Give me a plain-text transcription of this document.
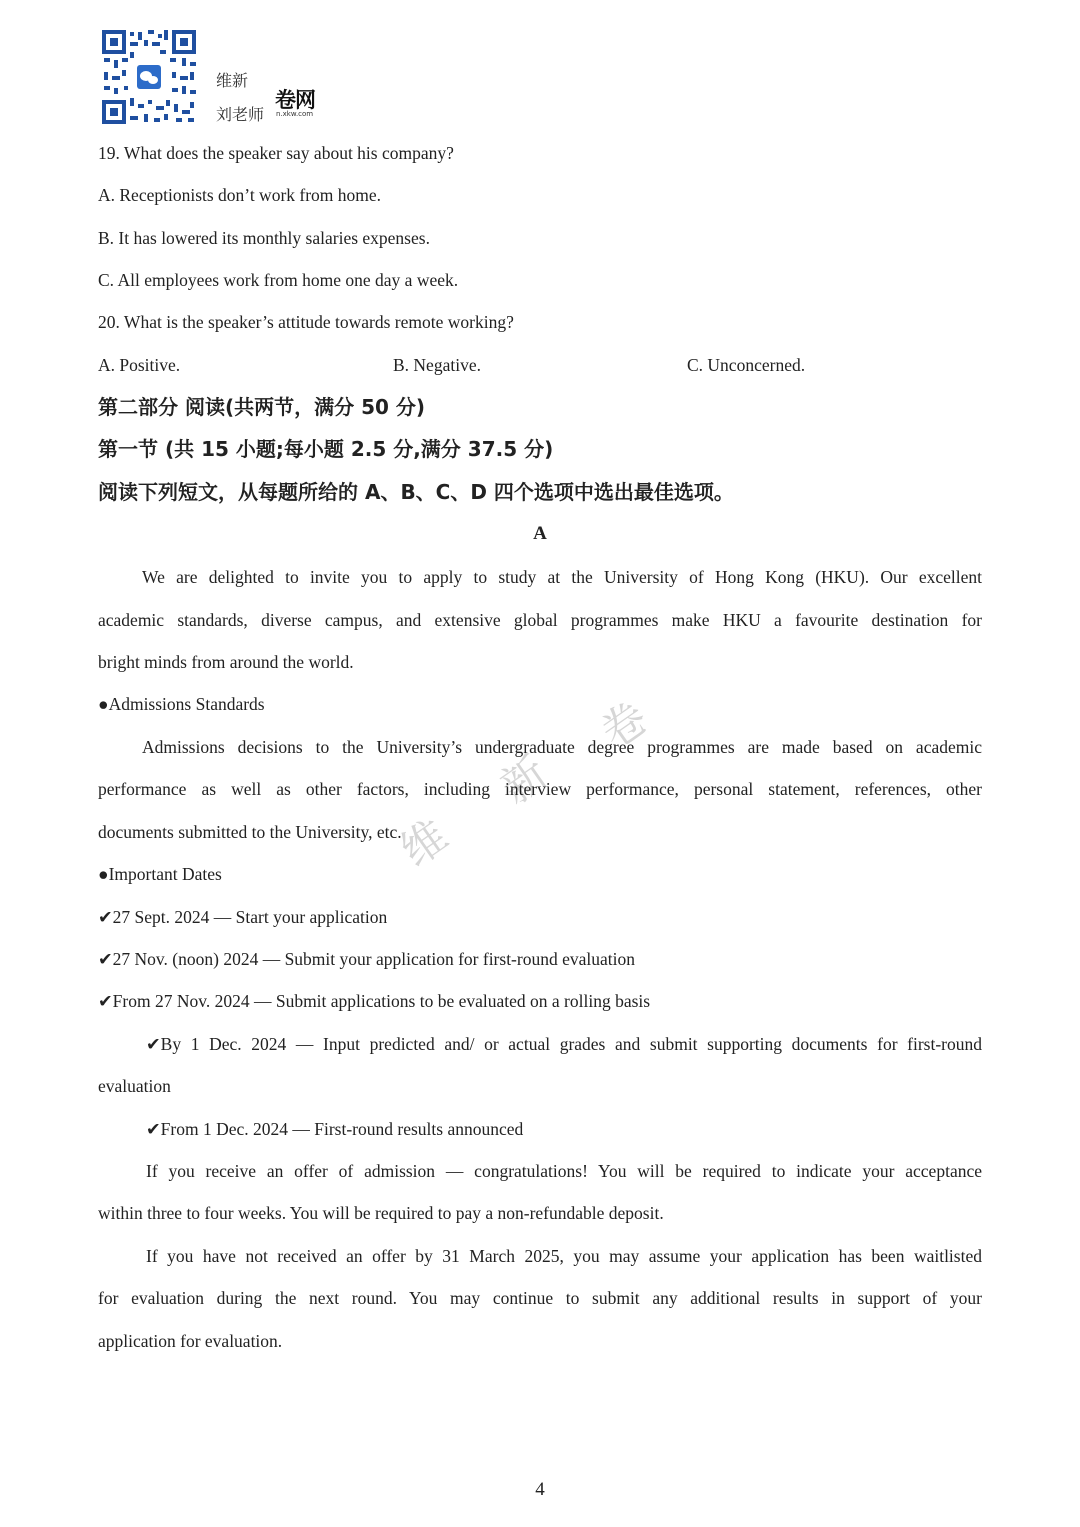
维新
刘老师
卷网
n.xkw.com
19. What does the speaker say about his company?
A. Receptionists don’t work from home.
B. It has lowered its monthly salaries expenses.
C. All employees work from home one day a week.
20. What is the speaker’s attitude towards remote working?
A. Positive.	B. Negative.	C. Unconcerned.
第二部分 阅读(共两节，满分 50 分)
第一节 (共 15 小题;每小题 2.5 分,满分 37.5 分)
阅读下列短文，从每题所给的 A、B、C、D 四个选项中选出最佳选项。
A
卷
新
维
We are delighted to invite you to apply to study at the University of Hong Kong (HKU). Our excellent
academic standards, diverse campus, and extensive global programmes make HKU a favourite destination for
bright minds from around the world.
●Admissions Standards
Admissions decisions to the University’s undergraduate degree programmes are made based on academic
performance as well as other factors, including interview performance, personal statement, references, other
documents submitted to the University, etc.
●Important Dates
✔27 Sept. 2024 — Start your application
✔27 Nov. (noon) 2024 — Submit your application for first-round evaluation
✔From 27 Nov. 2024 — Submit applications to be evaluated on a rolling basis
✔By 1 Dec. 2024 — Input predicted and/ or actual grades and submit supporting documents for first-round
evaluation
✔From 1 Dec. 2024 — First-round results announced
If you receive an offer of admission — congratulations! You will be required to indicate your acceptance
within three to four weeks. You will be required to pay a non-refundable deposit.
If you have not received an offer by 31 March 2025, you may assume your application has been waitlisted
for evaluation during the next round. You may continue to submit any additional results in support of your
application for evaluation.
4
